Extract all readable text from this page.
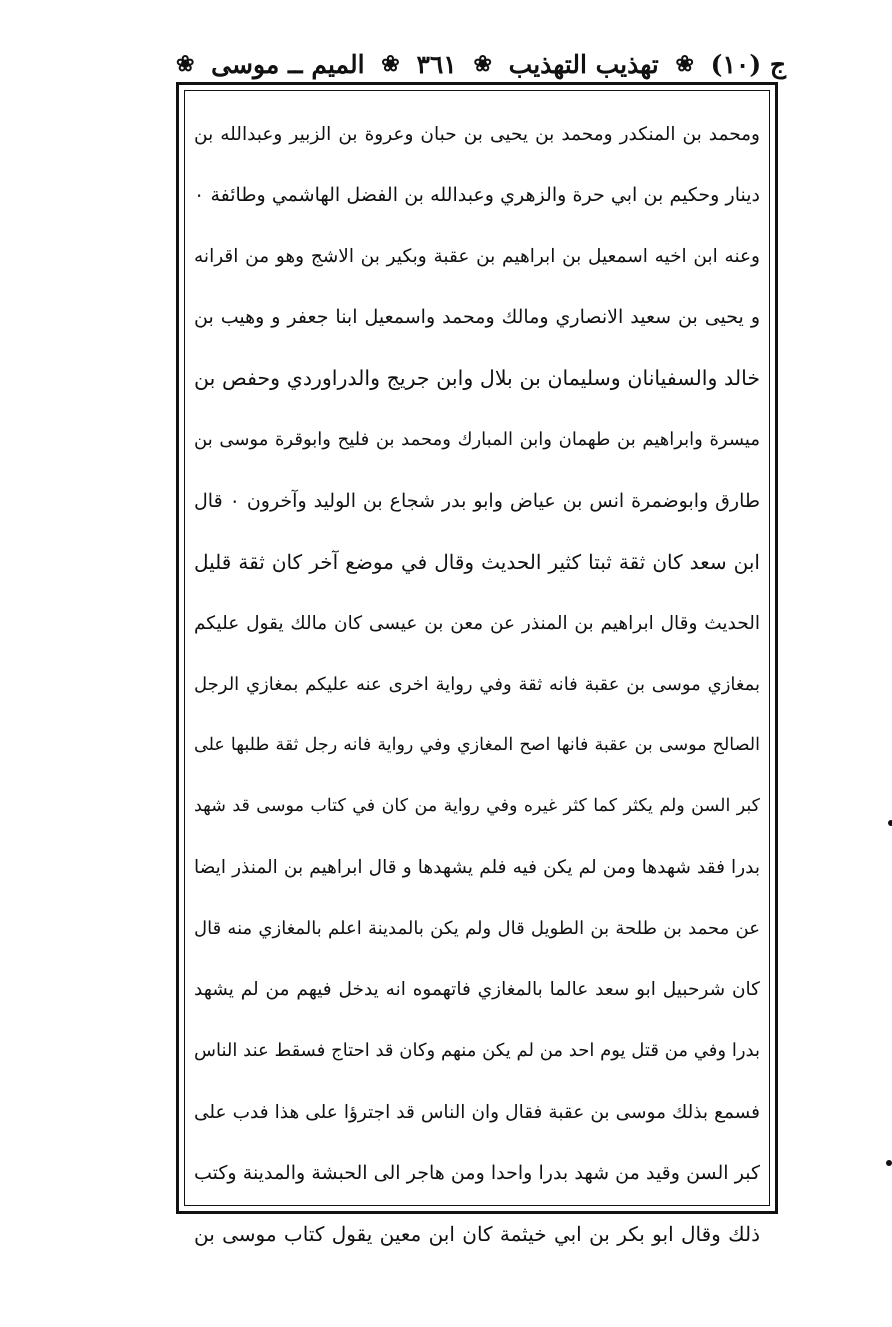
ج (١٠)
❀
تهذيب التهذيب
❀
٣٦١
❀
الميم ــ موسى
❀
ومحمد بن المنكدر ومحمد بن يحيى بن حبان وعروة بن الزبير وعبدالله بن
دينار وحكيم بن ابي حرة والزهري وعبدالله بن الفضل الهاشمي وطائفة ٠
وعنه ابن اخيه اسمعيل بن ابراهيم بن عقبة وبكير بن الاشج وهو من اقرانه
و يحيى بن سعيد الانصاري ومالك ومحمد واسمعيل ابنا جعفر و وهيب بن
خالد والسفيانان وسليمان بن بلال وابن جريج والدراوردي وحفص بن
ميسرة وابراهيم بن طهمان وابن المبارك ومحمد بن فليح وابوقرة موسى بن
طارق وابوضمرة انس بن عياض وابو بدر شجاع بن الوليد وآخرون ٠ قال
ابن سعد كان ثقة ثبتا كثير الحديث وقال في موضع آخر كان ثقة قليل
الحديث وقال ابراهيم بن المنذر عن معن بن عيسى كان مالك يقول عليكم
بمغازي موسى بن عقبة فانه ثقة وفي رواية اخرى عنه عليكم بمغازي الرجل
الصالح موسى بن عقبة فانها اصح المغازي وفي رواية فانه رجل ثقة طلبها على
كبر السن ولم يكثر كما كثر غيره وفي رواية من كان في كتاب موسى قد شهد
بدرا فقد شهدها ومن لم يكن فيه فلم يشهدها و قال ابراهيم بن المنذر ايضا
عن محمد بن طلحة بن الطويل قال ولم يكن بالمدينة اعلم بالمغازي منه قال
كان شرحبيل ابو سعد عالما بالمغازي فاتهموه انه يدخل فيهم من لم يشهد
بدرا وفي من قتل يوم احد من لم يكن منهم وكان قد احتاج فسقط عند الناس
فسمع بذلك موسى بن عقبة فقال وان الناس قد اجترؤا على هذا فدب على
كبر السن وقيد من شهد بدرا واحدا ومن هاجر الى الحبشة والمدينة وكتب
ذلك وقال ابو بكر بن ابي خيثمة كان ابن معين يقول كتاب موسى بن
